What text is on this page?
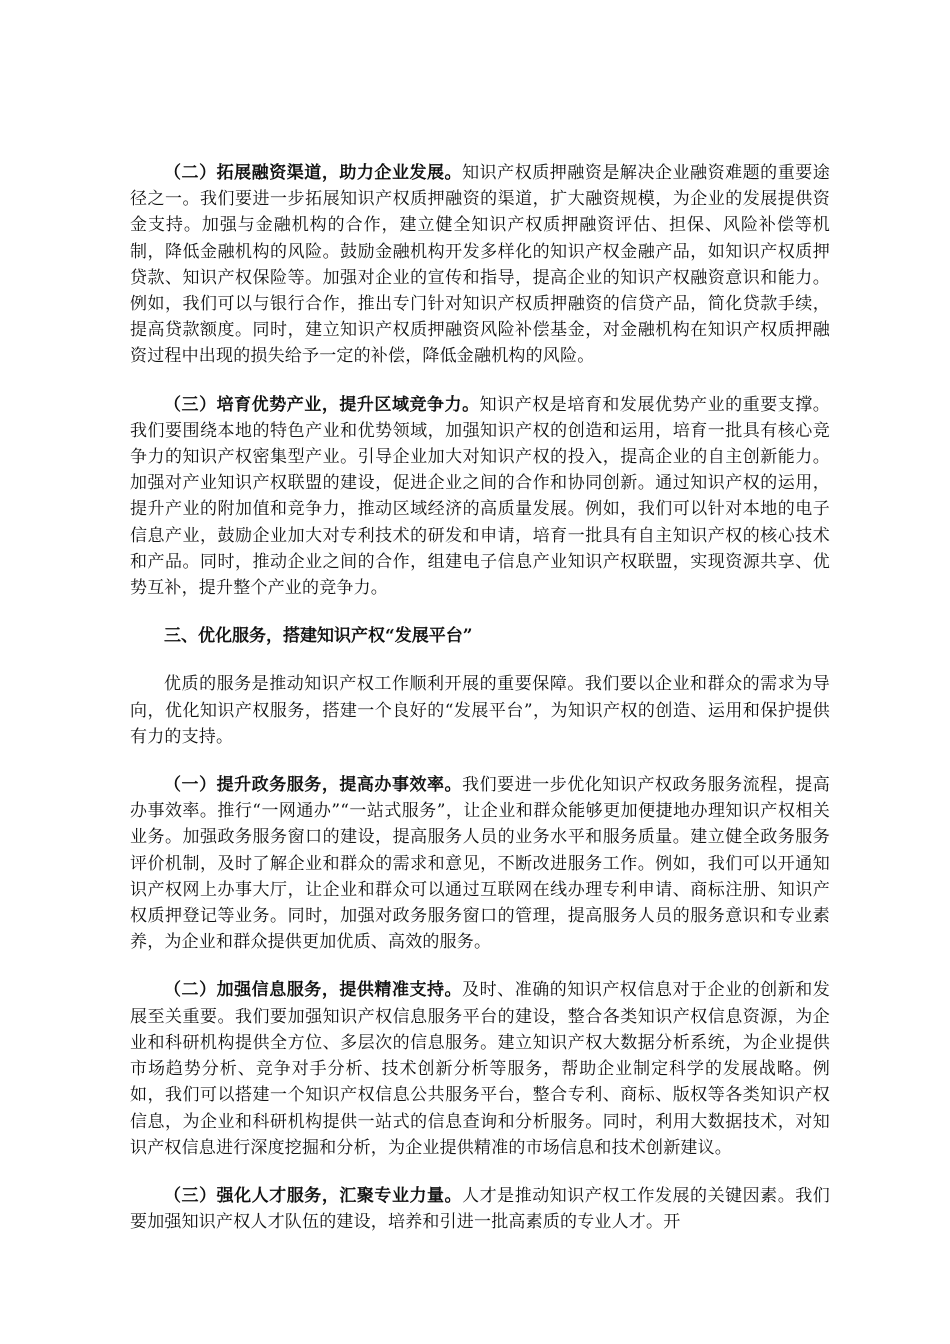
（二）拓展融资渠道，助力企业发展。知识产权质押融资是解决企业融资难题的重要途径之一。我们要进一步拓展知识产权质押融资的渠道，扩大融资规模，为企业的发展提供资金支持。加强与金融机构的合作，建立健全知识产权质押融资评估、担保、风险补偿等机制，降低金融机构的风险。鼓励金融机构开发多样化的知识产权金融产品，如知识产权质押贷款、知识产权保险等。加强对企业的宣传和指导，提高企业的知识产权融资意识和能力。例如，我们可以与银行合作，推出专门针对知识产权质押融资的信贷产品，简化贷款手续，提高贷款额度。同时，建立知识产权质押融资风险补偿基金，对金融机构在知识产权质押融资过程中出现的损失给予一定的补偿，降低金融机构的风险。

（三）培育优势产业，提升区域竞争力。知识产权是培育和发展优势产业的重要支撑。我们要围绕本地的特色产业和优势领域，加强知识产权的创造和运用，培育一批具有核心竞争力的知识产权密集型产业。引导企业加大对知识产权的投入，提高企业的自主创新能力。加强对产业知识产权联盟的建设，促进企业之间的合作和协同创新。通过知识产权的运用，提升产业的附加值和竞争力，推动区域经济的高质量发展。例如，我们可以针对本地的电子信息产业，鼓励企业加大对专利技术的研发和申请，培育一批具有自主知识产权的核心技术和产品。同时，推动企业之间的合作，组建电子信息产业知识产权联盟，实现资源共享、优势互补，提升整个产业的竞争力。

三、优化服务，搭建知识产权“发展平台”

优质的服务是推动知识产权工作顺利开展的重要保障。我们要以企业和群众的需求为导向，优化知识产权服务，搭建一个良好的“发展平台”，为知识产权的创造、运用和保护提供有力的支持。

（一）提升政务服务，提高办事效率。我们要进一步优化知识产权政务服务流程，提高办事效率。推行“一网通办”“一站式服务”，让企业和群众能够更加便捷地办理知识产权相关业务。加强政务服务窗口的建设，提高服务人员的业务水平和服务质量。建立健全政务服务评价机制，及时了解企业和群众的需求和意见，不断改进服务工作。例如，我们可以开通知识产权网上办事大厅，让企业和群众可以通过互联网在线办理专利申请、商标注册、知识产权质押登记等业务。同时，加强对政务服务窗口的管理，提高服务人员的服务意识和专业素养，为企业和群众提供更加优质、高效的服务。

（二）加强信息服务，提供精准支持。及时、准确的知识产权信息对于企业的创新和发展至关重要。我们要加强知识产权信息服务平台的建设，整合各类知识产权信息资源，为企业和科研机构提供全方位、多层次的信息服务。建立知识产权大数据分析系统，为企业提供市场趋势分析、竞争对手分析、技术创新分析等服务，帮助企业制定科学的发展战略。例如，我们可以搭建一个知识产权信息公共服务平台，整合专利、商标、版权等各类知识产权信息，为企业和科研机构提供一站式的信息查询和分析服务。同时，利用大数据技术，对知识产权信息进行深度挖掘和分析，为企业提供精准的市场信息和技术创新建议。

（三）强化人才服务，汇聚专业力量。人才是推动知识产权工作发展的关键因素。我们要加强知识产权人才队伍的建设，培养和引进一批高素质的专业人才。开
